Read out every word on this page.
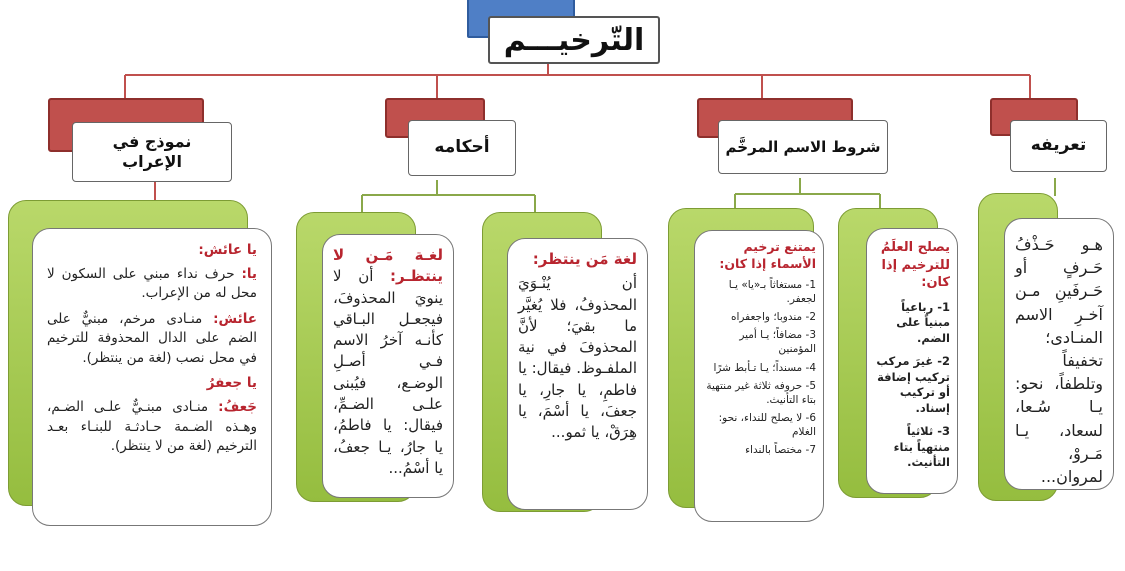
التّرخيـــم
تعريفه

هـو حَـذْفُ حَـرفٍ أو حَـرفَينِ مـن آخـرِ الاسم المنـادى؛ تخفيفاً وتلطفاً، نحو: يـا سُـعا، لسعاد، يـا مَـروْ، لمروان...

شروط الاسم المرخَّم

يصلح العلَمُ للترخيم إذا كان:

1- رباعياً مبنياً على الضم.

2- غيرَ مركب تركيب إضافة أو تركيب إسناد.

3- ثلاثياً منتهياً بتاء التأنيث.

يمتنع ترخيم الأسماء إذا كان:

1- مستغاثاً بـ«يا» يـا لجعفر.

2- مندوبا؛ واجعفراه

3- مضافاً؛ يـا أمير المؤمنين

4- مسنداً؛ يـا تـأبط شرًا

5- حروفه ثلاثة غير منتهية بتاء التأنيث.

6- لا يصلح للنداء، نحو: الغلام

7- مختصاً بالنداء

أحكامه

لغة مَن ينتظر:

أن يُنْـوَيَ المحذوفُ، فلا يُغيَّر ما بقيَ؛ لأنَّ المحذوفَ في نية الملفـوظ. فيقال: يا فاطمِ، يا جارِ، يا جعفَ، يا أسْمَ، يا هِرَقْ، يا ثمو...

لغـة مَـن لا ينتظـر:

أن لا ينويَ المحذوفَ، فيجعـل البـاقي كأنـه آخرُ الاسم فـي أصـلِ الوضـع، فيُبنى علـى الضـمِّ، فيقال: يا فاطمُ، يا جارُ، يـا جعفُ، يا أسْمُ...
نموذج في الإعراب

يا عائش:

يا: حرف نداء مبني على السكون لا محل له من الإعراب.

عائش: منـادى مرخم، مبنيٌّ على الضم على الدال المحذوفة للترخيم في محل نصب (لغة من ينتظر).

يا جعفرُ

جَعفُ: منـادى مبنـيٌّ علـى الضـم، وهـذه الضـمة حـادثـة للبنـاء بعـد الترخيم (لغة من لا ينتظر).
